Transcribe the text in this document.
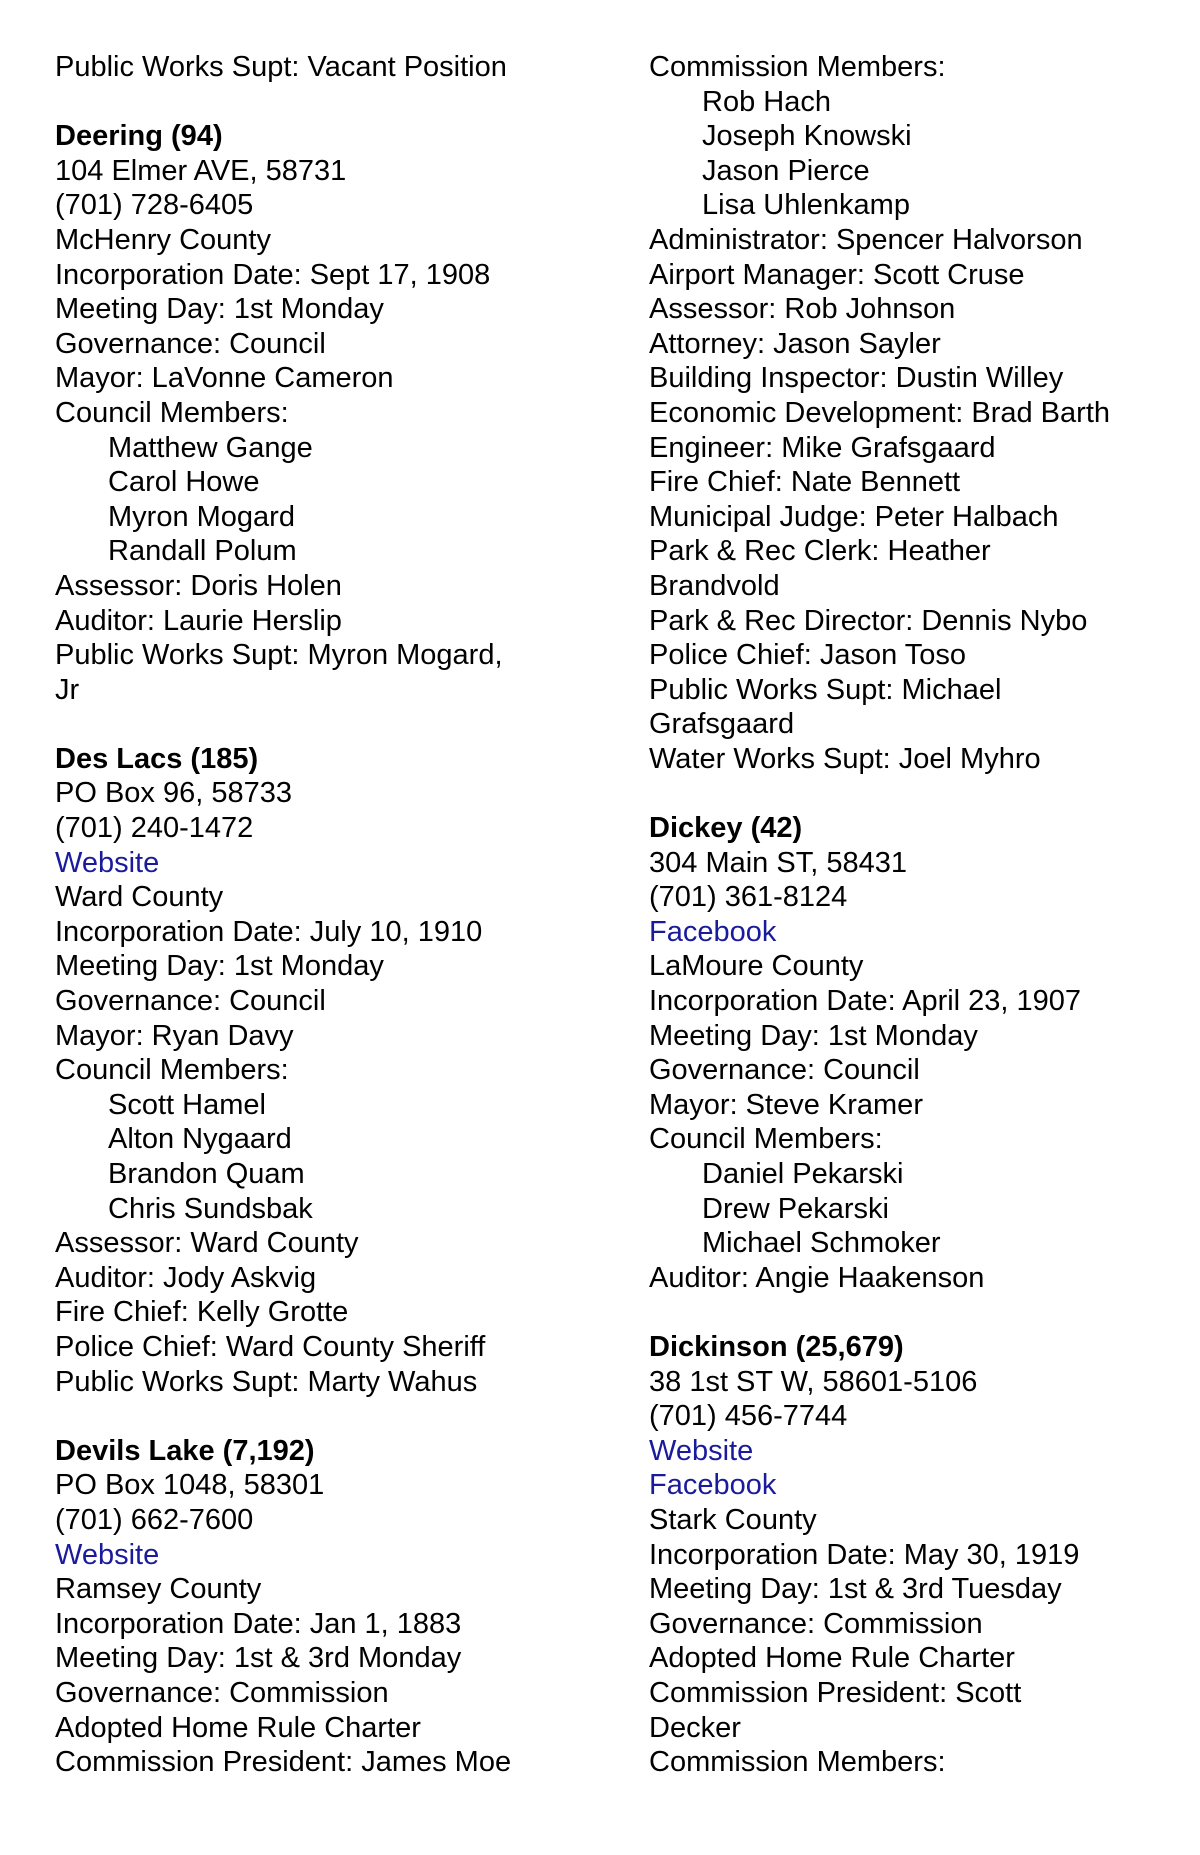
Public Works Supt: Vacant Position
Deering (94)
104 Elmer AVE, 58731
(701) 728-6405
McHenry County
Incorporation Date: Sept 17, 1908
Meeting Day: 1st Monday
Governance: Council
Mayor: LaVonne Cameron
Council Members:
Matthew Gange
Carol Howe
Myron Mogard
Randall Polum
Assessor: Doris Holen
Auditor: Laurie Herslip
Public Works Supt: Myron Mogard,
Jr
Des Lacs (185)
PO Box 96, 58733
(701) 240-1472
Website
Ward County
Incorporation Date: July 10, 1910
Meeting Day: 1st Monday
Governance: Council
Mayor: Ryan Davy
Council Members:
Scott Hamel
Alton Nygaard
Brandon Quam
Chris Sundsbak
Assessor: Ward County
Auditor: Jody Askvig
Fire Chief: Kelly Grotte
Police Chief: Ward County Sheriff
Public Works Supt: Marty Wahus
Devils Lake (7,192)
PO Box 1048, 58301
(701) 662-7600
Website
Ramsey County
Incorporation Date: Jan 1, 1883
Meeting Day: 1st & 3rd Monday
Governance: Commission
Adopted Home Rule Charter
Commission President: James Moe
Commission Members:
Rob Hach
Joseph Knowski
Jason Pierce
Lisa Uhlenkamp
Administrator: Spencer Halvorson
Airport Manager: Scott Cruse
Assessor: Rob Johnson
Attorney: Jason Sayler
Building Inspector: Dustin Willey
Economic Development: Brad Barth
Engineer: Mike Grafsgaard
Fire Chief: Nate Bennett
Municipal Judge: Peter Halbach
Park & Rec Clerk: Heather
Brandvold
Park & Rec Director: Dennis Nybo
Police Chief: Jason Toso
Public Works Supt: Michael
Grafsgaard
Water Works Supt: Joel Myhro
Dickey (42)
304 Main ST, 58431
(701) 361-8124
Facebook
LaMoure County
Incorporation Date: April 23, 1907
Meeting Day: 1st Monday
Governance: Council
Mayor: Steve Kramer
Council Members:
Daniel Pekarski
Drew Pekarski
Michael Schmoker
Auditor: Angie Haakenson
Dickinson (25,679)
38 1st ST W, 58601-5106
(701) 456-7744
Website
Facebook
Stark County
Incorporation Date: May 30, 1919
Meeting Day: 1st & 3rd Tuesday
Governance: Commission
Adopted Home Rule Charter
Commission President: Scott
Decker
Commission Members:
